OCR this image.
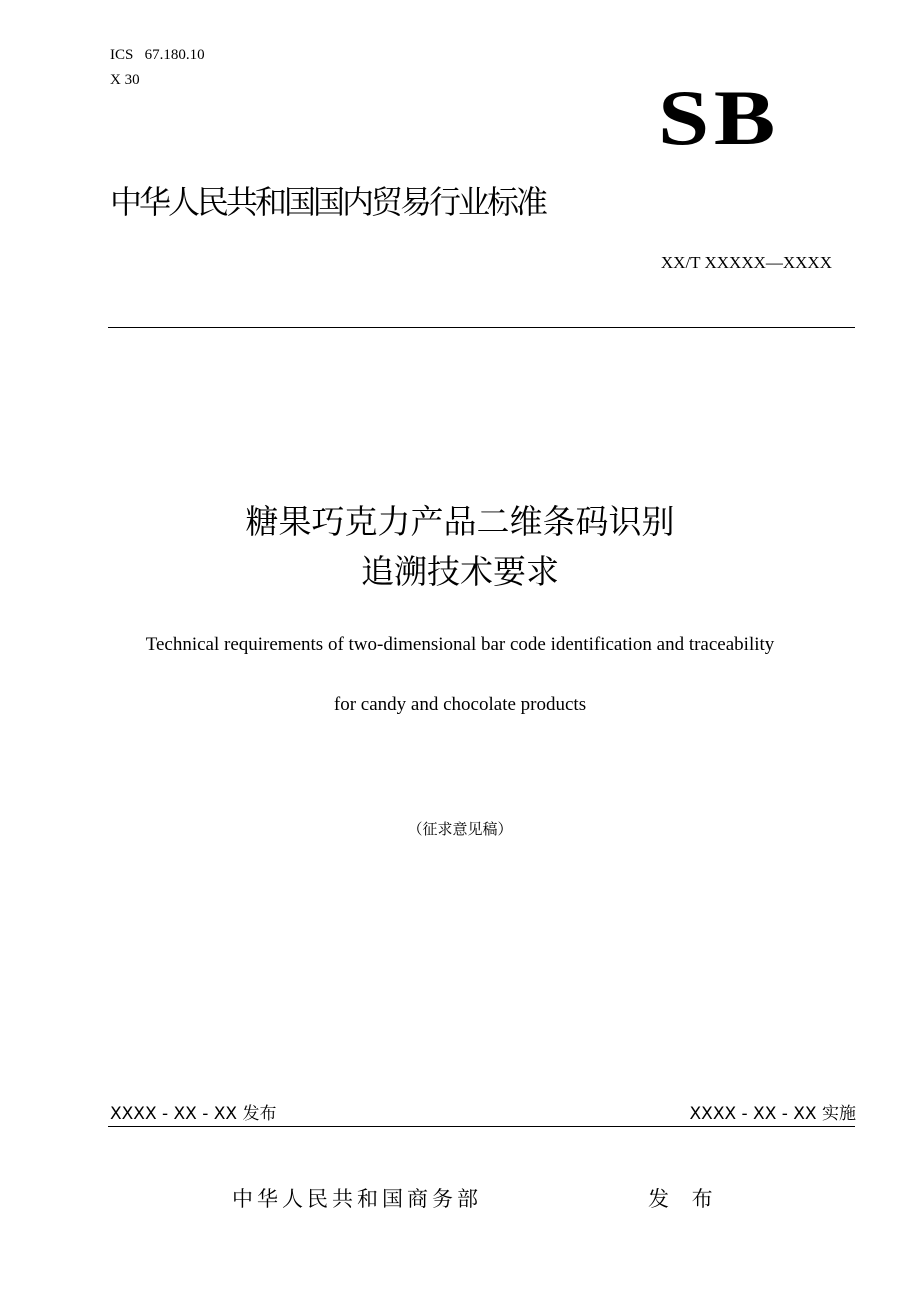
ICS   67.180.10
X 30	SB
中华人民共和国国内贸易行业标准
XX/T XXXXX—XXXX
糖果巧克力产品二维条码识别
追溯技术要求
Technical requirements of two-dimensional bar code identification and traceability
for candy and chocolate products
（征求意见稿）
XXXX - XX - XX 发布	XXXX - XX - XX 实施
中华人民共和国商务部	发 布
